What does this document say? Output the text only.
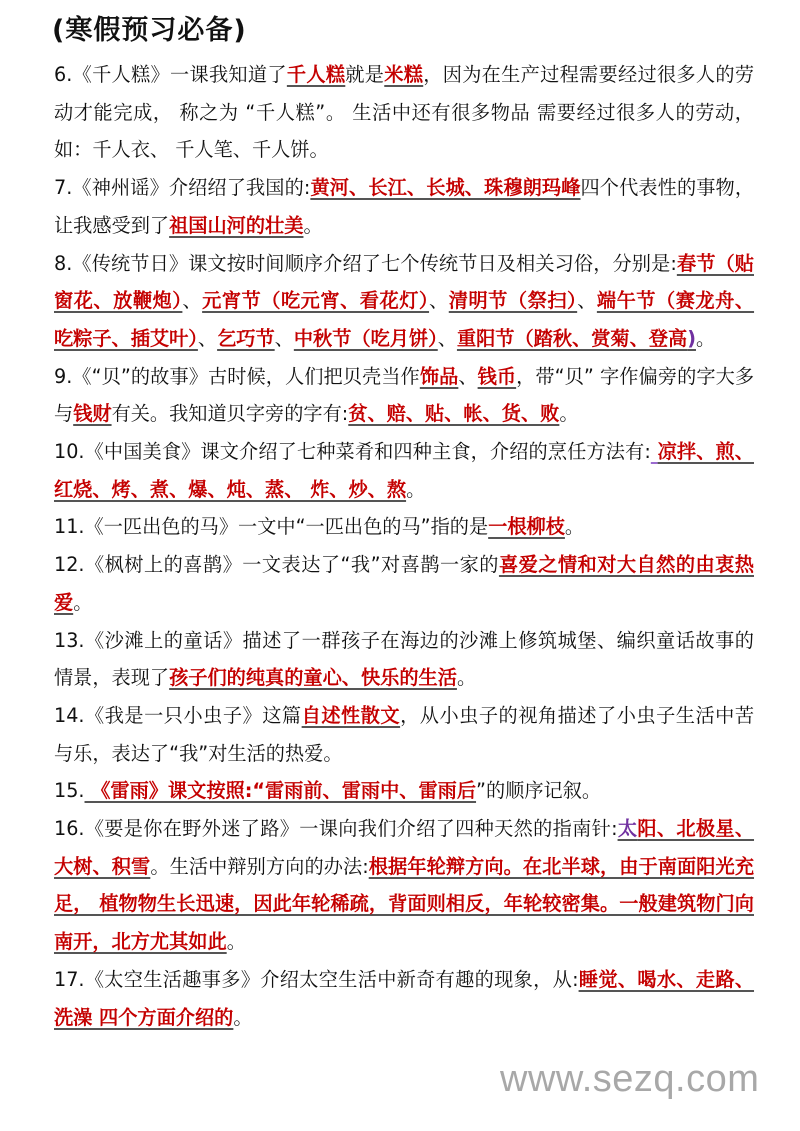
(寒假预习必备)

6.《千人糕》一课我知道了千人糕就是米糕，因为在生产过程需要经过很多人的劳动才能完成， 称之为 “千人糕”。 生活中还有很多物品 需要经过很多人的劳动，如：千人衣、 千人笔、千人饼。

7.《神州谣》介绍绍了我国的:黄河、长江、长城、珠穆朗玛峰四个代表性的事物，让我感受到了祖国山河的壮美。

8.《传统节日》课文按时间顺序介绍了七个传统节日及相关习俗，分别是:春节（贴窗花、放鞭炮）、元宵节（吃元宵、看花灯）、清明节（祭扫）、端午节（赛龙舟、吃粽子、插艾叶）、乞巧节、中秋节（吃月饼）、重阳节（踏秋、赏菊、登高)。

9.《“贝”的故事》古时候，人们把贝壳当作饰品、钱币，带“贝” 字作偏旁的字大多与钱财有关。我知道贝字旁的字有:贫、赔、贴、帐、货、败。

10.《中国美食》课文介绍了七种菜肴和四种主食，介绍的烹任方法有: 凉拌、煎、红烧、烤、煮、爆、炖、蒸、 炸、炒、熬。

11.《一匹出色的马》一文中“一匹出色的马”指的是一根柳枝。

12.《枫树上的喜鹊》一文表达了“我”对喜鹊一家的喜爱之情和对大自然的由衷热爱。

13.《沙滩上的童话》描述了一群孩子在海边的沙滩上修筑城堡、编织童话故事的情景，表现了孩子们的纯真的童心、快乐的生活。

14.《我是一只小虫子》这篇自述性散文，从小虫子的视角描述了小虫子生活中苦与乐，表达了“我”对生活的热爱。

15. 《雷雨》课文按照:“雷雨前、雷雨中、雷雨后”的顺序记叙。

16.《要是你在野外迷了路》一课向我们介绍了四种天然的指南针:太阳、北极星、大树、积雪。生活中辩别方向的办法:根据年轮辩方向。在北半球，由于南面阳光充足， 植物物生长迅速，因此年轮稀疏，背面则相反，年轮较密集。一般建筑物门向南开，北方尤其如此。

17.《太空生活趣事多》介绍太空生活中新奇有趣的现象，从:睡觉、喝水、走路、洗澡 四个方面介绍的。

www.sezq.com
